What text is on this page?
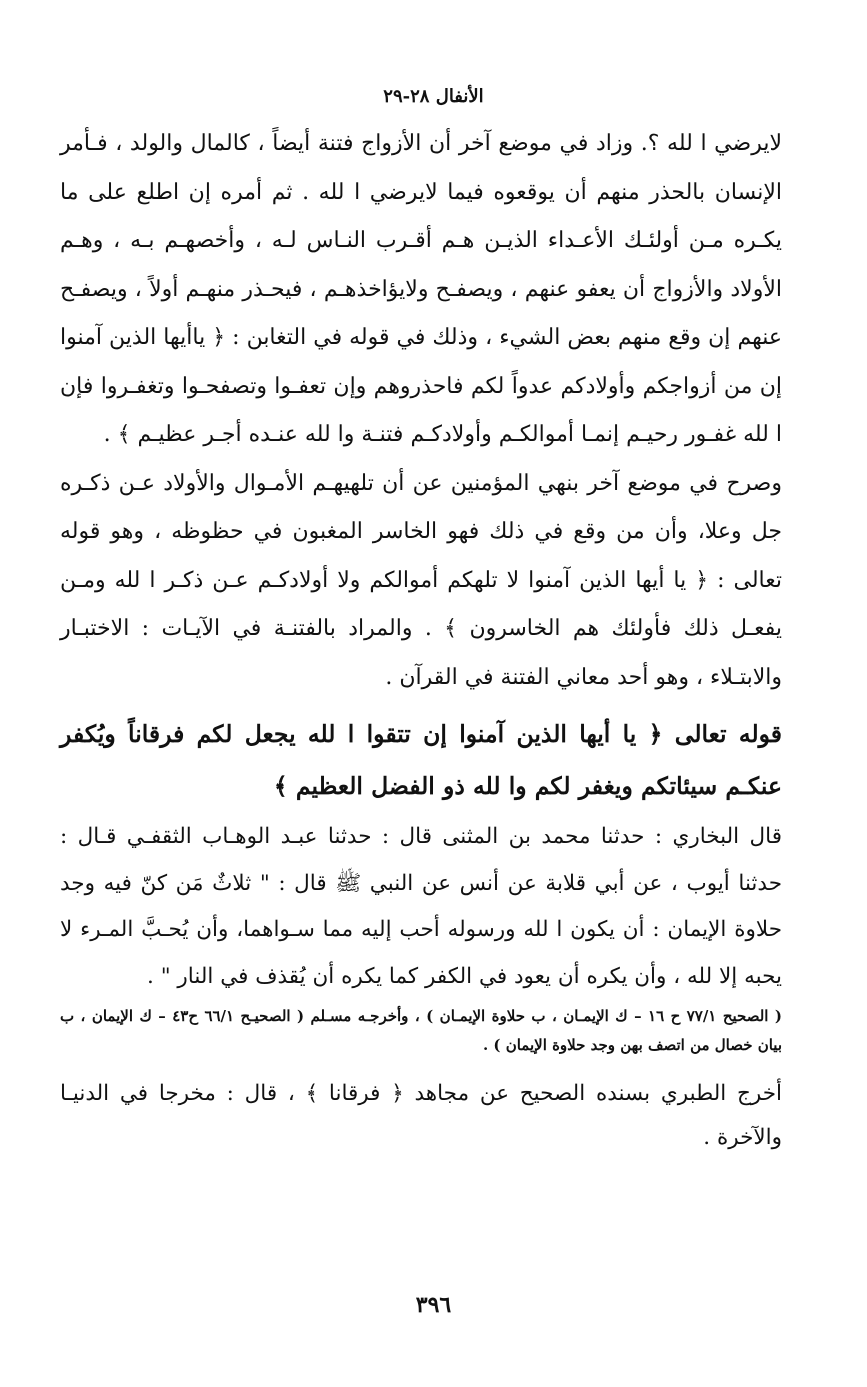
الأنفال ٢٨-٢٩

لايرضي ا لله ؟. وزاد في موضع آخر أن الأزواج فتنة أيضاً ، كالمال والولد ، فـأمر الإنسان بالحذر منهم أن يوقعوه فيما لايرضي ا لله . ثم أمره إن اطلع على ما يكـره مـن أولئـك الأعـداء الذيـن هـم أقـرب النـاس لـه ، وأخصهـم بـه ، وهـم الأولاد والأزواج أن يعفو عنهم ، ويصفـح ولايؤاخذهـم ، فيحـذر منهـم أولاً ، ويصفـح عنهم إن وقع منهم بعض الشيء ، وذلك في قوله في التغابن : ﴿ ياأيها الذين آمنوا إن من أزواجكم وأولادكم عدواً لكم فاحذروهم وإن تعفـوا وتصفحـوا وتغفـروا فإن ا لله غفـور رحيـم إنمـا أموالكـم وأولادكـم فتنـة وا لله عنـده أجـر عظيـم ﴾ .

وصرح في موضع آخر بنهي المؤمنين عن أن تلهيهـم الأمـوال والأولاد عـن ذكـره جل وعلا، وأن من وقع في ذلك فهو الخاسر المغبون في حظوظه ، وهو قوله تعالى : ﴿ يا أيها الذين آمنوا لا تلهكم أموالكم ولا أولادكـم عـن ذكـر ا لله ومـن يفعـل ذلك فأولئك هم الخاسرون ﴾ . والمراد بالفتنـة في الآيـات : الاختبـار والابتـلاء ، وهو أحد معاني الفتنة في القرآن .

قوله تعالى ﴿ يا أيها الذين آمنوا إن تتقوا ا لله يجعل لكم فرقاناً ويُكفر عنكـم سيئاتكم ويغفر لكم وا لله ذو الفضل العظيم ﴾

قال البخاري : حدثنا محمد بن المثنى قال : حدثنا عبـد الوهـاب الثقفـي قـال : حدثنا أيوب ، عن أبي قلابة عن أنس عن النبي ﷺ قال : " ثلاثٌ مَن كنّ فيه وجد حلاوة الإيمان : أن يكون ا لله ورسوله أحب إليه مما سـواهما، وأن يُحـبَّ المـرء لا يحبه إلا لله ، وأن يكره أن يعود في الكفر كما يكره أن يُقذف في النار " .

( الصحيح ٧٧/١ ح ١٦ – ك الإيمـان ، ب حلاوة الإيمـان ) ، وأخرجـه مسـلم ( الصحيـح ٦٦/١ ح٤٣ – ك الإيمان ، ب بيان خصال من اتصف بهن وجد حلاوة الإيمان ) .

أخرج الطبري بسنده الصحيح عن مجاهد ﴿ فرقانا ﴾ ، قال : مخرجا في الدنيـا والآخرة .

٣٩٦
